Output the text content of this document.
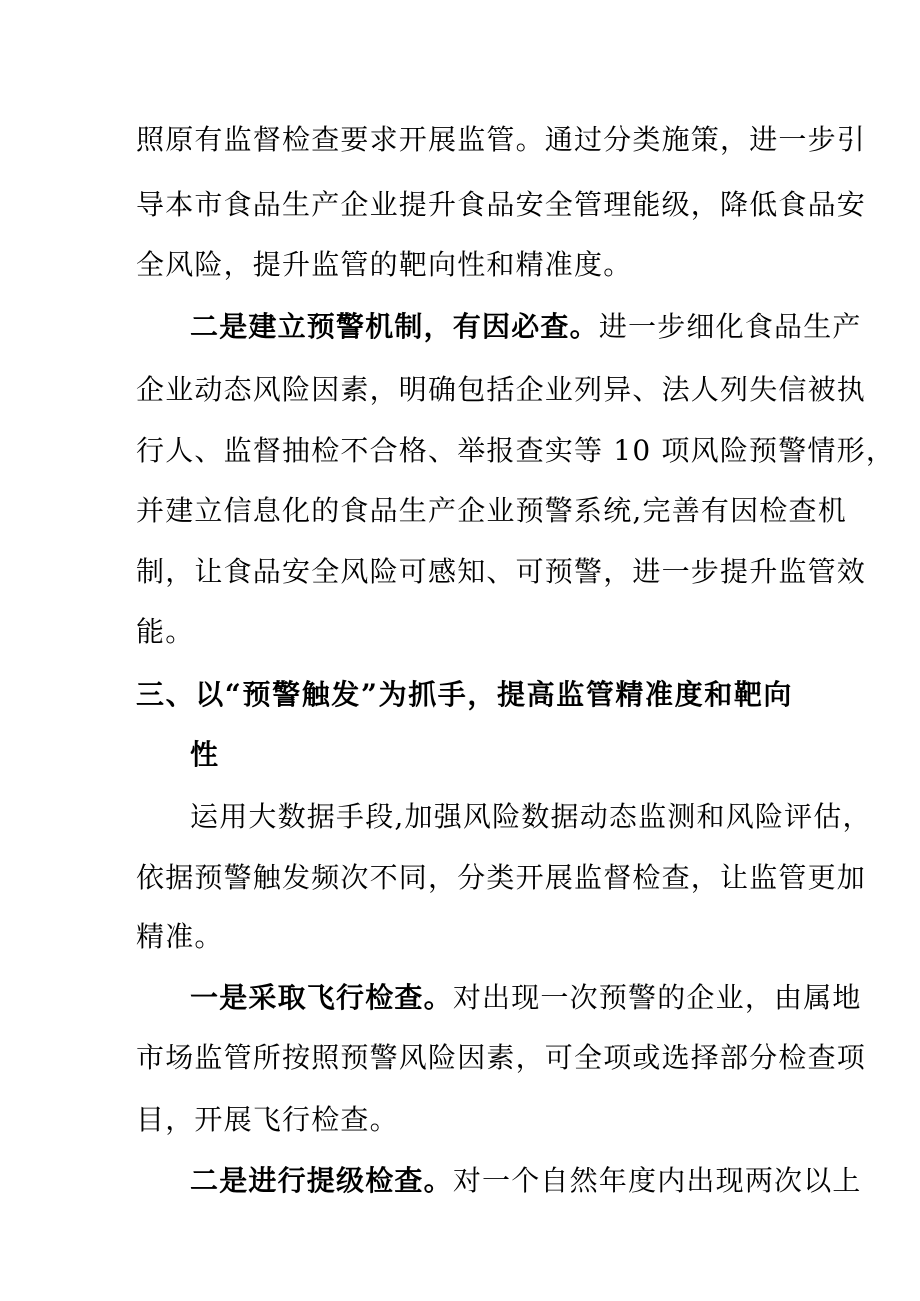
照原有监督检查要求开展监管。通过分类施策，进一步引
导本市食品生产企业提升食品安全管理能级，降低食品安
全风险，提升监管的靶向性和精准度。
二是建立预警机制，有因必查。进一步细化食品生产
企业动态风险因素，明确包括企业列异、法人列失信被执
行人、监督抽检不合格、举报查实等 10 项风险预警情形，
并建立信息化的食品生产企业预警系统,完善有因检查机
制，让食品安全风险可感知、可预警，进一步提升监管效
能。
三、以“预警触发”为抓手，提高监管精准度和靶向
性
运用大数据手段,加强风险数据动态监测和风险评估，
依据预警触发频次不同，分类开展监督检查，让监管更加
精准。
一是采取飞行检查。对出现一次预警的企业，由属地
市场监管所按照预警风险因素，可全项或选择部分检查项
目，开展飞行检查。
二是进行提级检查。对一个自然年度内出现两次以上
